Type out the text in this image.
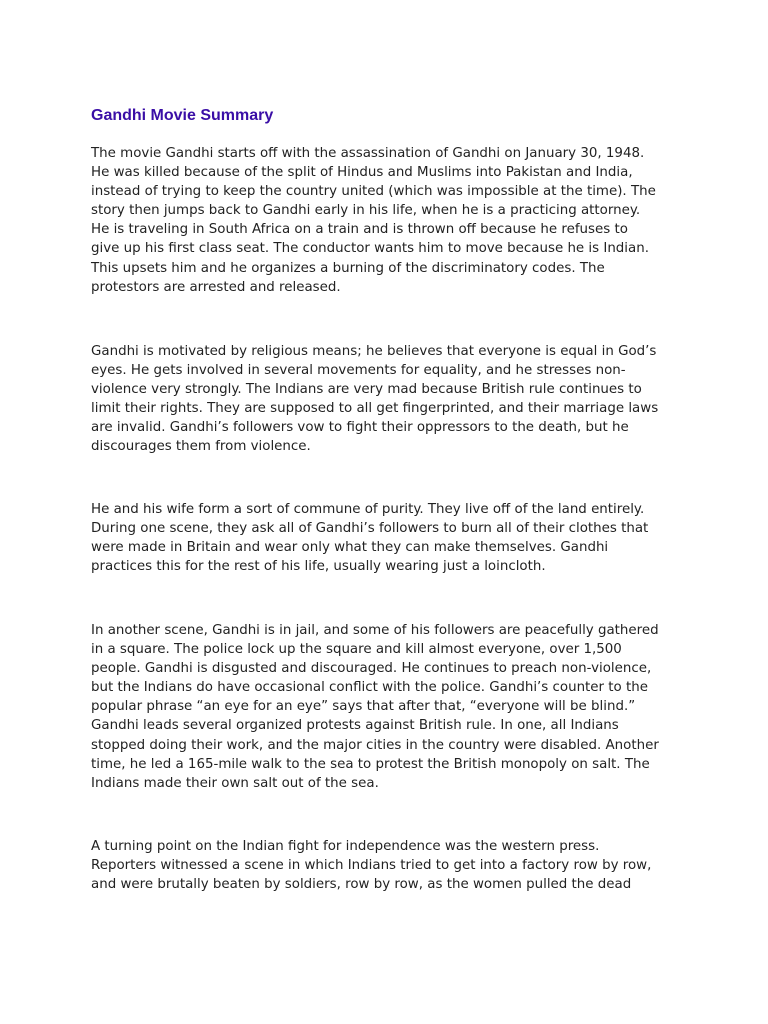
Gandhi Movie Summary

The movie Gandhi starts off with the assassination of Gandhi on January 30, 1948.
He was killed because of the split of Hindus and Muslims into Pakistan and India,
instead of trying to keep the country united (which was impossible at the time). The
story then jumps back to Gandhi early in his life, when he is a practicing attorney.
He is traveling in South Africa on a train and is thrown off because he refuses to
give up his first class seat. The conductor wants him to move because he is Indian.
This upsets him and he organizes a burning of the discriminatory codes. The
protestors are arrested and released.

Gandhi is motivated by religious means; he believes that everyone is equal in God’s
eyes. He gets involved in several movements for equality, and he stresses non-
violence very strongly. The Indians are very mad because British rule continues to
limit their rights. They are supposed to all get fingerprinted, and their marriage laws
are invalid. Gandhi’s followers vow to fight their oppressors to the death, but he
discourages them from violence.

He and his wife form a sort of commune of purity. They live off of the land entirely.
During one scene, they ask all of Gandhi’s followers to burn all of their clothes that
were made in Britain and wear only what they can make themselves. Gandhi
practices this for the rest of his life, usually wearing just a loincloth.

In another scene, Gandhi is in jail, and some of his followers are peacefully gathered
in a square. The police lock up the square and kill almost everyone, over 1,500
people. Gandhi is disgusted and discouraged. He continues to preach non-violence,
but the Indians do have occasional conflict with the police. Gandhi’s counter to the
popular phrase “an eye for an eye” says that after that, “everyone will be blind.”
Gandhi leads several organized protests against British rule. In one, all Indians
stopped doing their work, and the major cities in the country were disabled. Another
time, he led a 165-mile walk to the sea to protest the British monopoly on salt. The
Indians made their own salt out of the sea.

A turning point on the Indian fight for independence was the western press.
Reporters witnessed a scene in which Indians tried to get into a factory row by row,
and were brutally beaten by soldiers, row by row, as the women pulled the dead
